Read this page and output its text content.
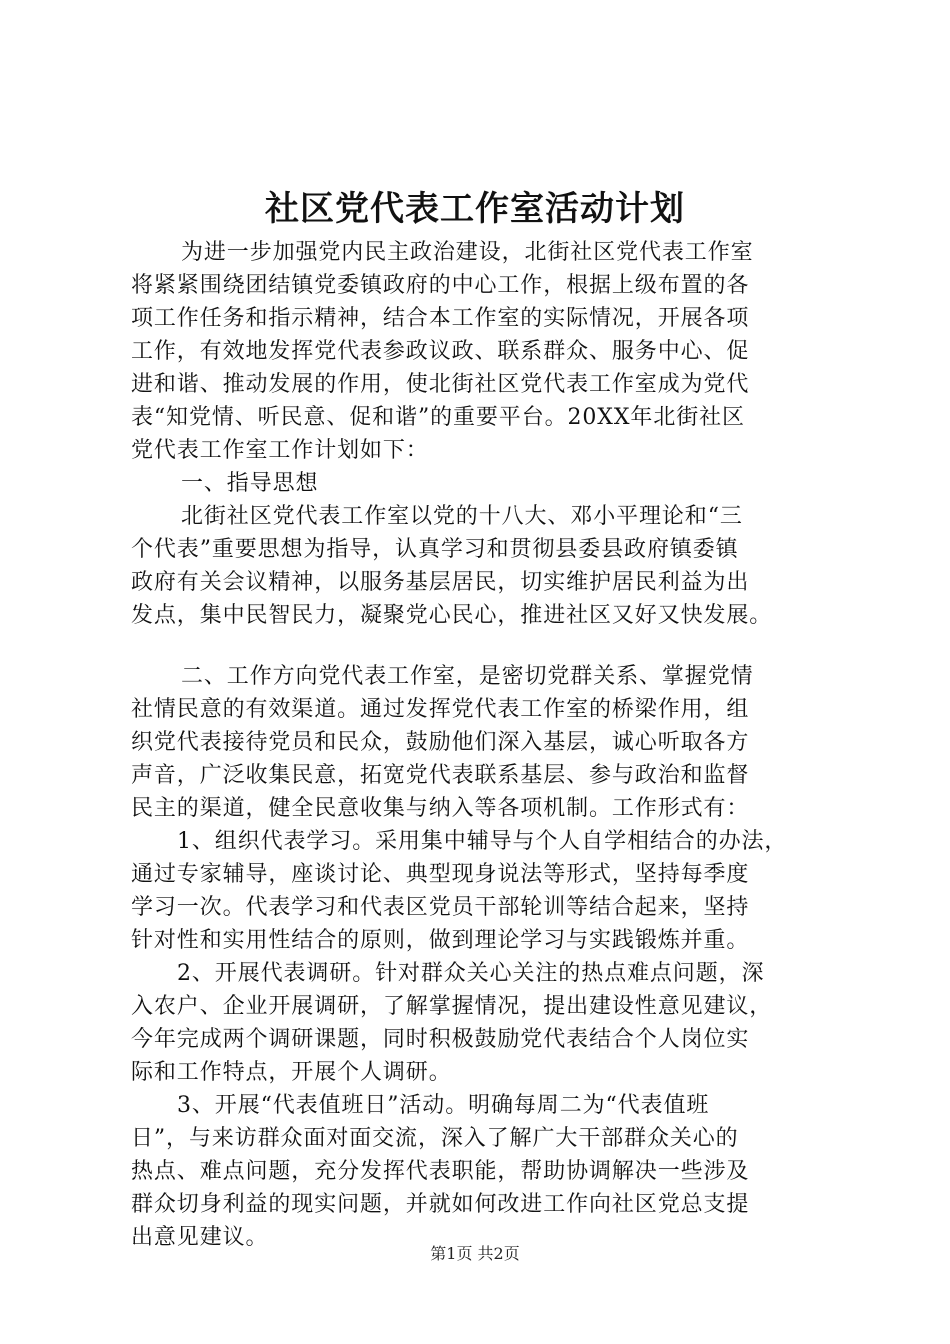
社区党代表工作室活动计划
为进一步加强党内民主政治建设，北街社区党代表工作室
将紧紧围绕团结镇党委镇政府的中心工作，根据上级布置的各
项工作任务和指示精神，结合本工作室的实际情况，开展各项
工作，有效地发挥党代表参政议政、联系群众、服务中心、促
进和谐、推动发展的作用，使北街社区党代表工作室成为党代
表“知党情、听民意、促和谐”的重要平台。20XX年北街社区
党代表工作室工作计划如下：
一、指导思想
北街社区党代表工作室以党的十八大、邓小平理论和“三
个代表”重要思想为指导，认真学习和贯彻县委县政府镇委镇
政府有关会议精神，以服务基层居民，切实维护居民利益为出
发点，集中民智民力，凝聚党心民心，推进社区又好又快发展。
二、工作方向党代表工作室，是密切党群关系、掌握党情
社情民意的有效渠道。通过发挥党代表工作室的桥梁作用，组
织党代表接待党员和民众，鼓励他们深入基层，诚心听取各方
声音，广泛收集民意，拓宽党代表联系基层、参与政治和监督
民主的渠道，健全民意收集与纳入等各项机制。工作形式有：
1、组织代表学习。采用集中辅导与个人自学相结合的办法，
通过专家辅导，座谈讨论、典型现身说法等形式，坚持每季度
学习一次。代表学习和代表区党员干部轮训等结合起来，坚持
针对性和实用性结合的原则，做到理论学习与实践锻炼并重。
2、开展代表调研。针对群众关心关注的热点难点问题，深
入农户、企业开展调研，了解掌握情况，提出建设性意见建议，
今年完成两个调研课题，同时积极鼓励党代表结合个人岗位实
际和工作特点，开展个人调研。
3、开展“代表值班日”活动。明确每周二为“代表值班
日”，与来访群众面对面交流，深入了解广大干部群众关心的
热点、难点问题，充分发挥代表职能，帮助协调解决一些涉及
群众切身利益的现实问题，并就如何改进工作向社区党总支提
出意见建议。
第1页 共2页
